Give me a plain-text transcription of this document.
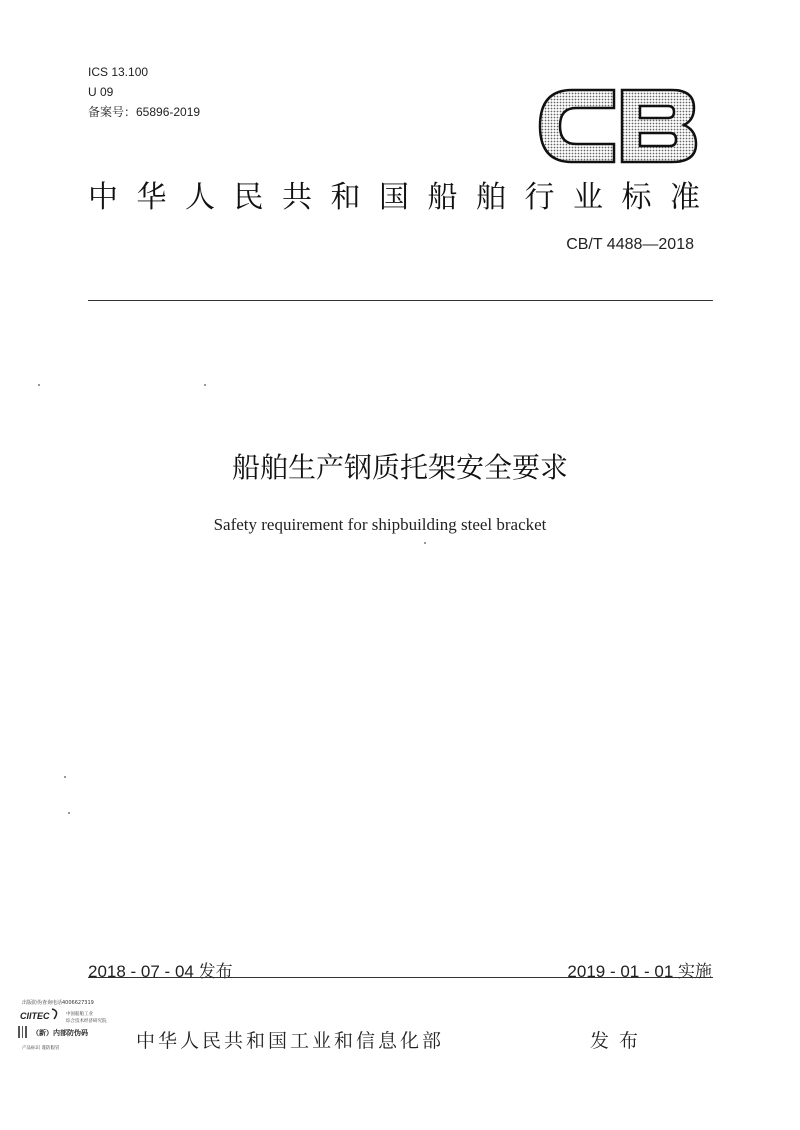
ICS 13.100
U 09
备案号：65896-2019
中 华 人 民 共 和 国 船 舶 行 业 标 准
CB/T 4488—2018
船舶生产钢质托架安全要求
Safety requirement for shipbuilding steel bracket
2018 - 07 - 04 发布	2019 - 01 - 01 实施
出版防伪查询电话4006627319
CIITEC	中国船舶工业
综合技术经济研究院
（新）内部防伪码
产品标识 谨防假冒	中华人民共和国工业和信息化部	发布
